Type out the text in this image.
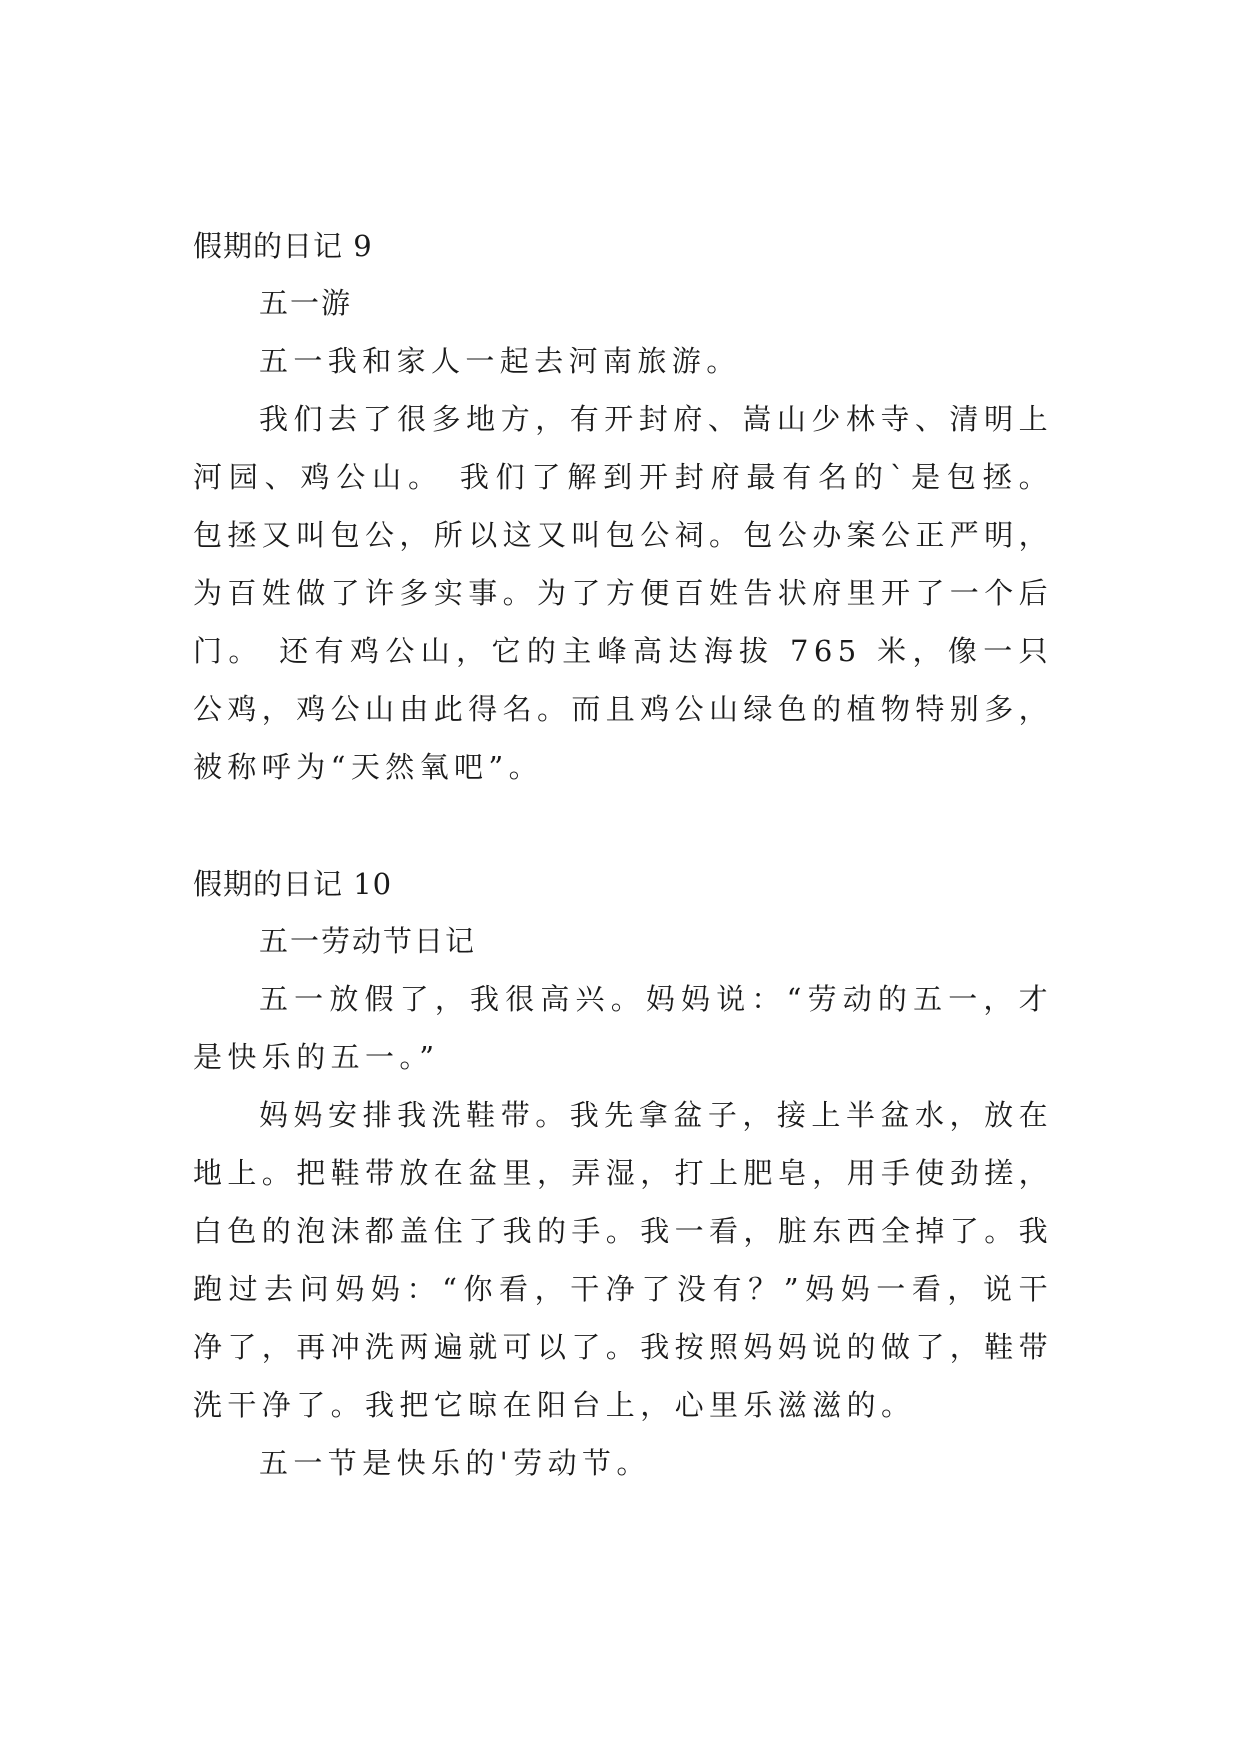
假期的日记 9
五一游

五一我和家人一起去河南旅游。

我们去了很多地方，有开封府、嵩山少林寺、清明上河园、鸡公山。 我们了解到开封府最有名的`是包拯。包拯又叫包公，所以这又叫包公祠。包公办案公正严明，为百姓做了许多实事。为了方便百姓告状府里开了一个后门。 还有鸡公山，它的主峰高达海拔 765 米，像一只公鸡，鸡公山由此得名。而且鸡公山绿色的植物特别多，被称呼为“天然氧吧”。

假期的日记 10
五一劳动节日记

五一放假了，我很高兴。妈妈说：“劳动的五一，才是快乐的五一。”

妈妈安排我洗鞋带。我先拿盆子，接上半盆水，放在地上。把鞋带放在盆里，弄湿，打上肥皂，用手使劲搓，白色的泡沫都盖住了我的手。我一看，脏东西全掉了。我跑过去问妈妈：“你看，干净了没有？”妈妈一看，说干净了，再冲洗两遍就可以了。我按照妈妈说的做了，鞋带洗干净了。我把它晾在阳台上，心里乐滋滋的。

五一节是快乐的'劳动节。
